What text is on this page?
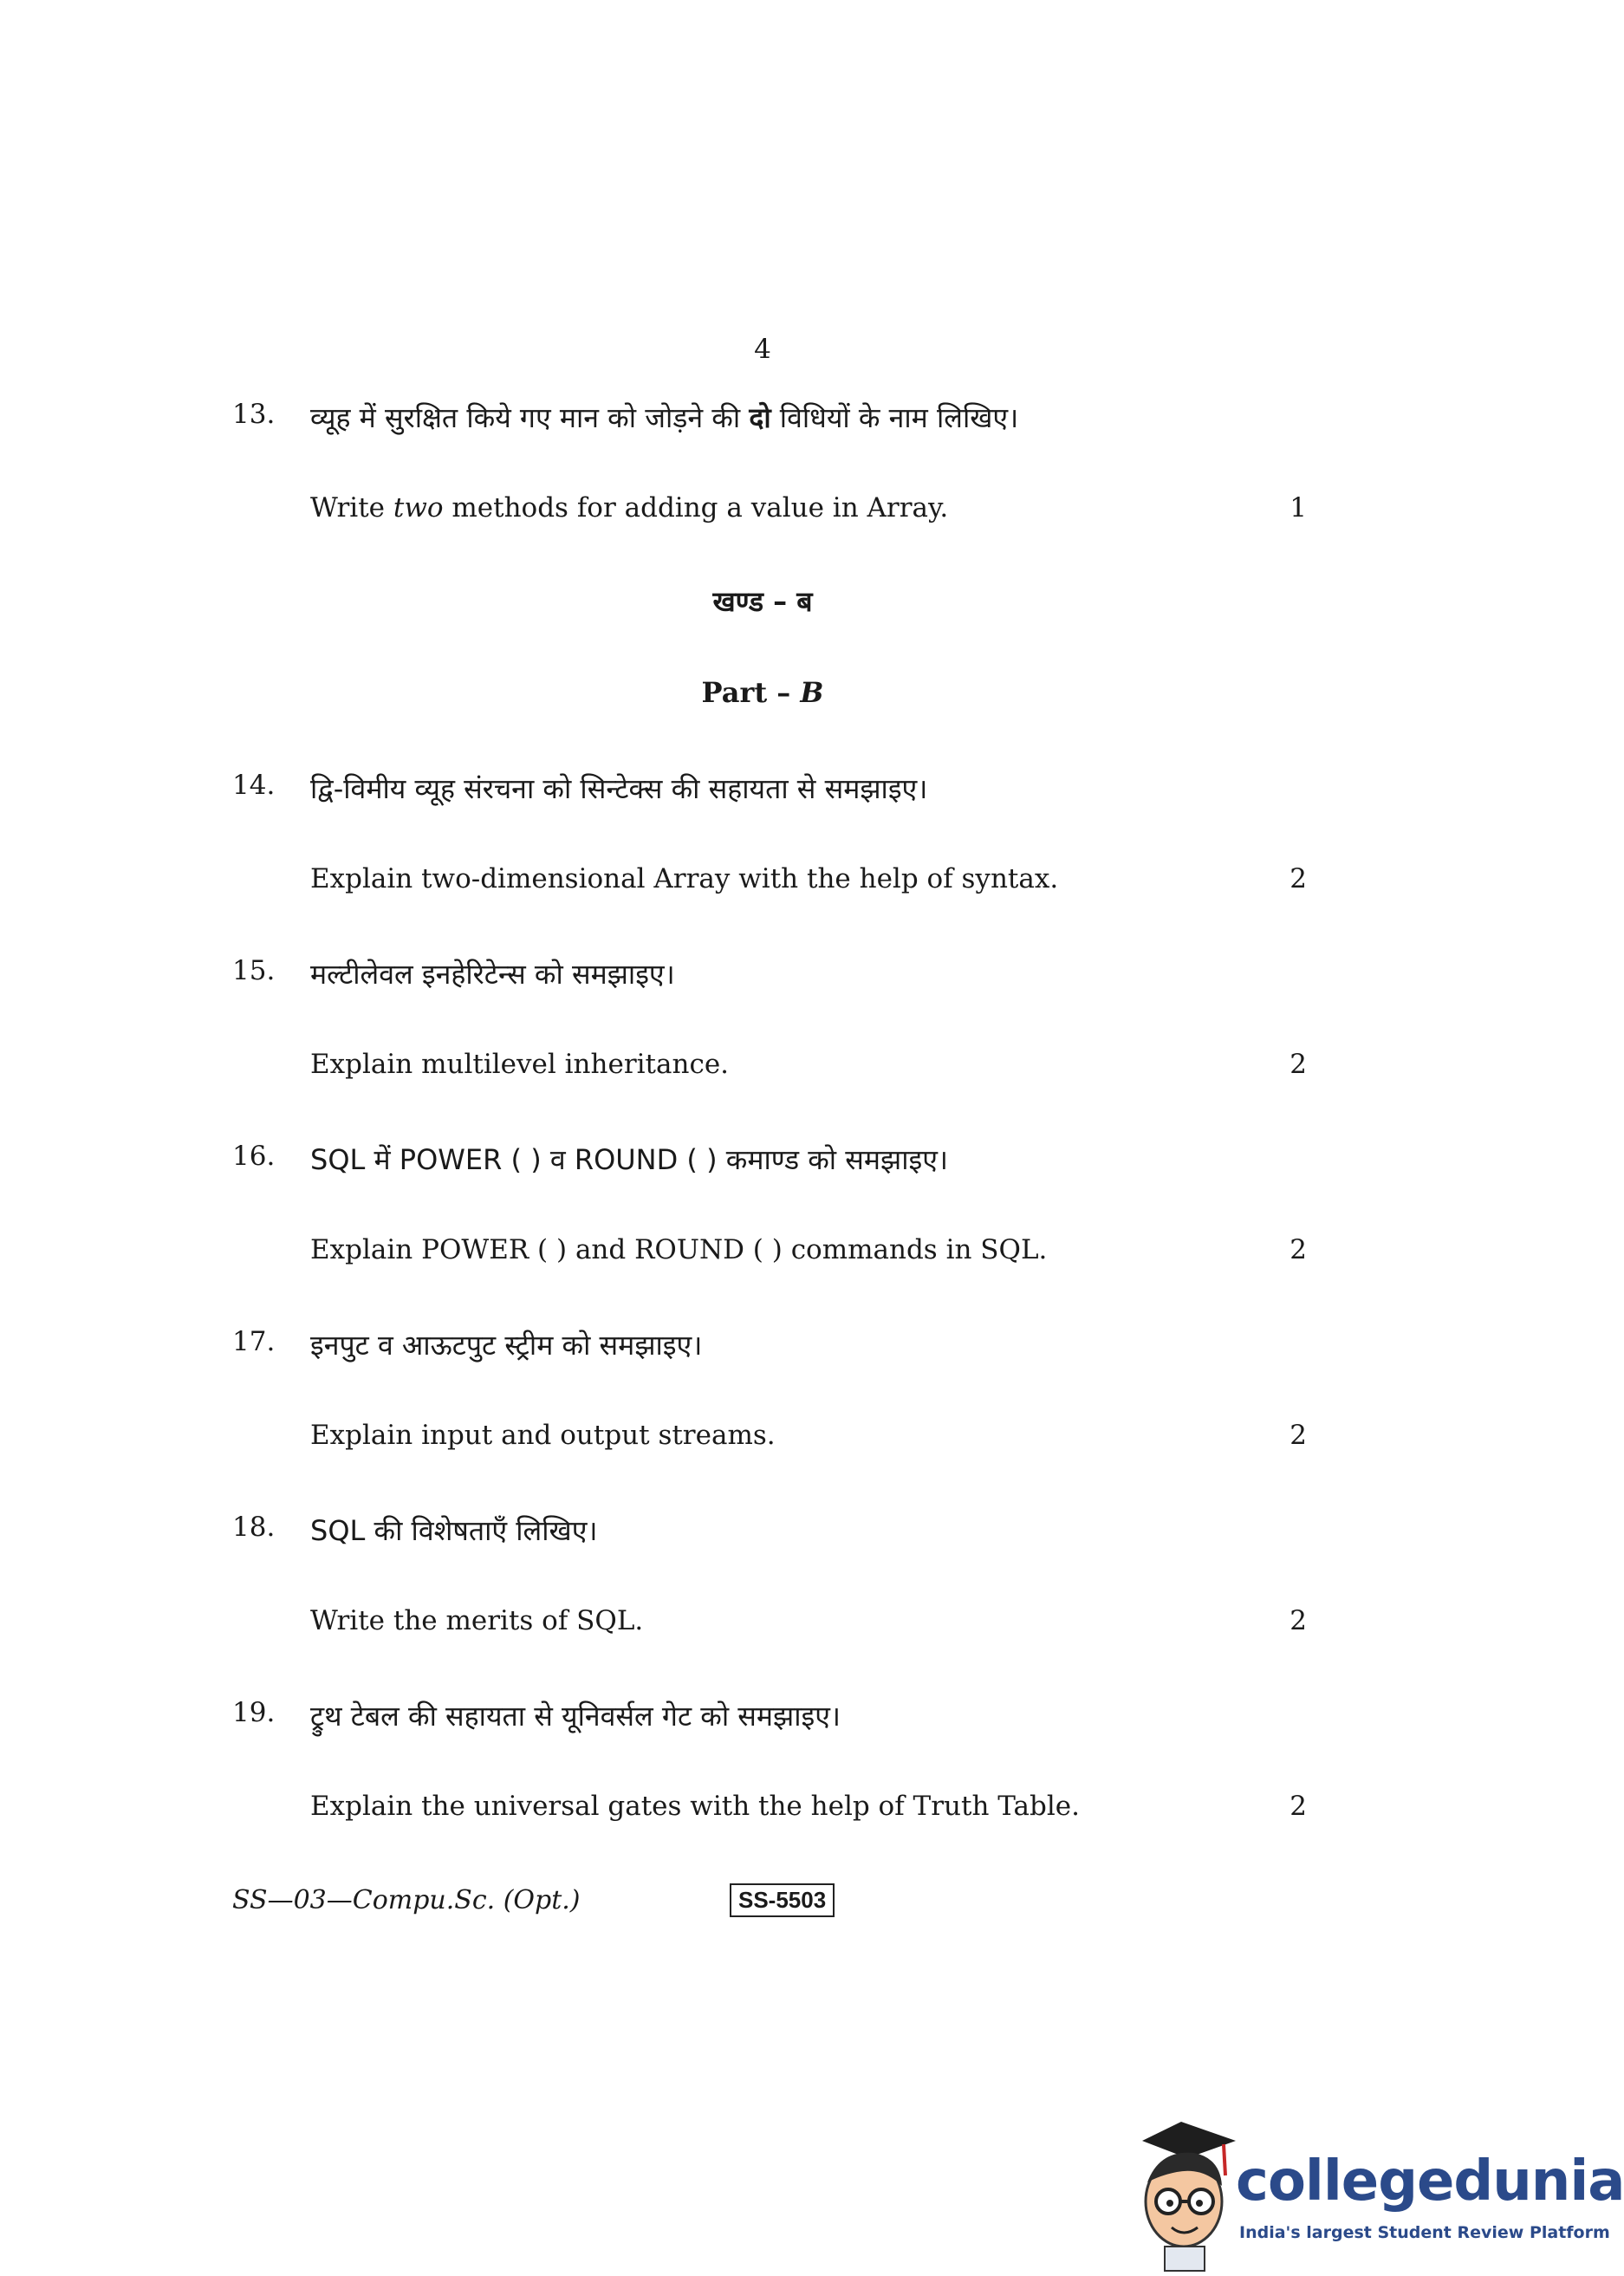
4
13. व्यूह में सुरक्षित किये गए मान को जोड़ने की दो विधियों के नाम लिखिए।
Write two methods for adding a value in Array.	1
खण्ड – ब
Part – B
14. द्वि-विमीय व्यूह संरचना को सिन्टेक्स की सहायता से समझाइए।
Explain two-dimensional Array with the help of syntax.	2
15. मल्टीलेवल इनहेरिटेन्स को समझाइए।
Explain multilevel inheritance.	2
16. SQL में POWER ( ) व ROUND ( ) कमाण्ड को समझाइए।
Explain POWER ( ) and ROUND ( ) commands in SQL.	2
17. इनपुट व आऊटपुट स्ट्रीम को समझाइए।
Explain input and output streams.	2
18. SQL की विशेषताएँ लिखिए।
Write the merits of SQL.	2
19. ट्रुथ टेबल की सहायता से यूनिवर्सल गेट को समझाइए।
Explain the universal gates with the help of Truth Table.	2
SS—03—Compu.Sc. (Opt.)	SS-5503
collegedunia
India's largest Student Review Platform
